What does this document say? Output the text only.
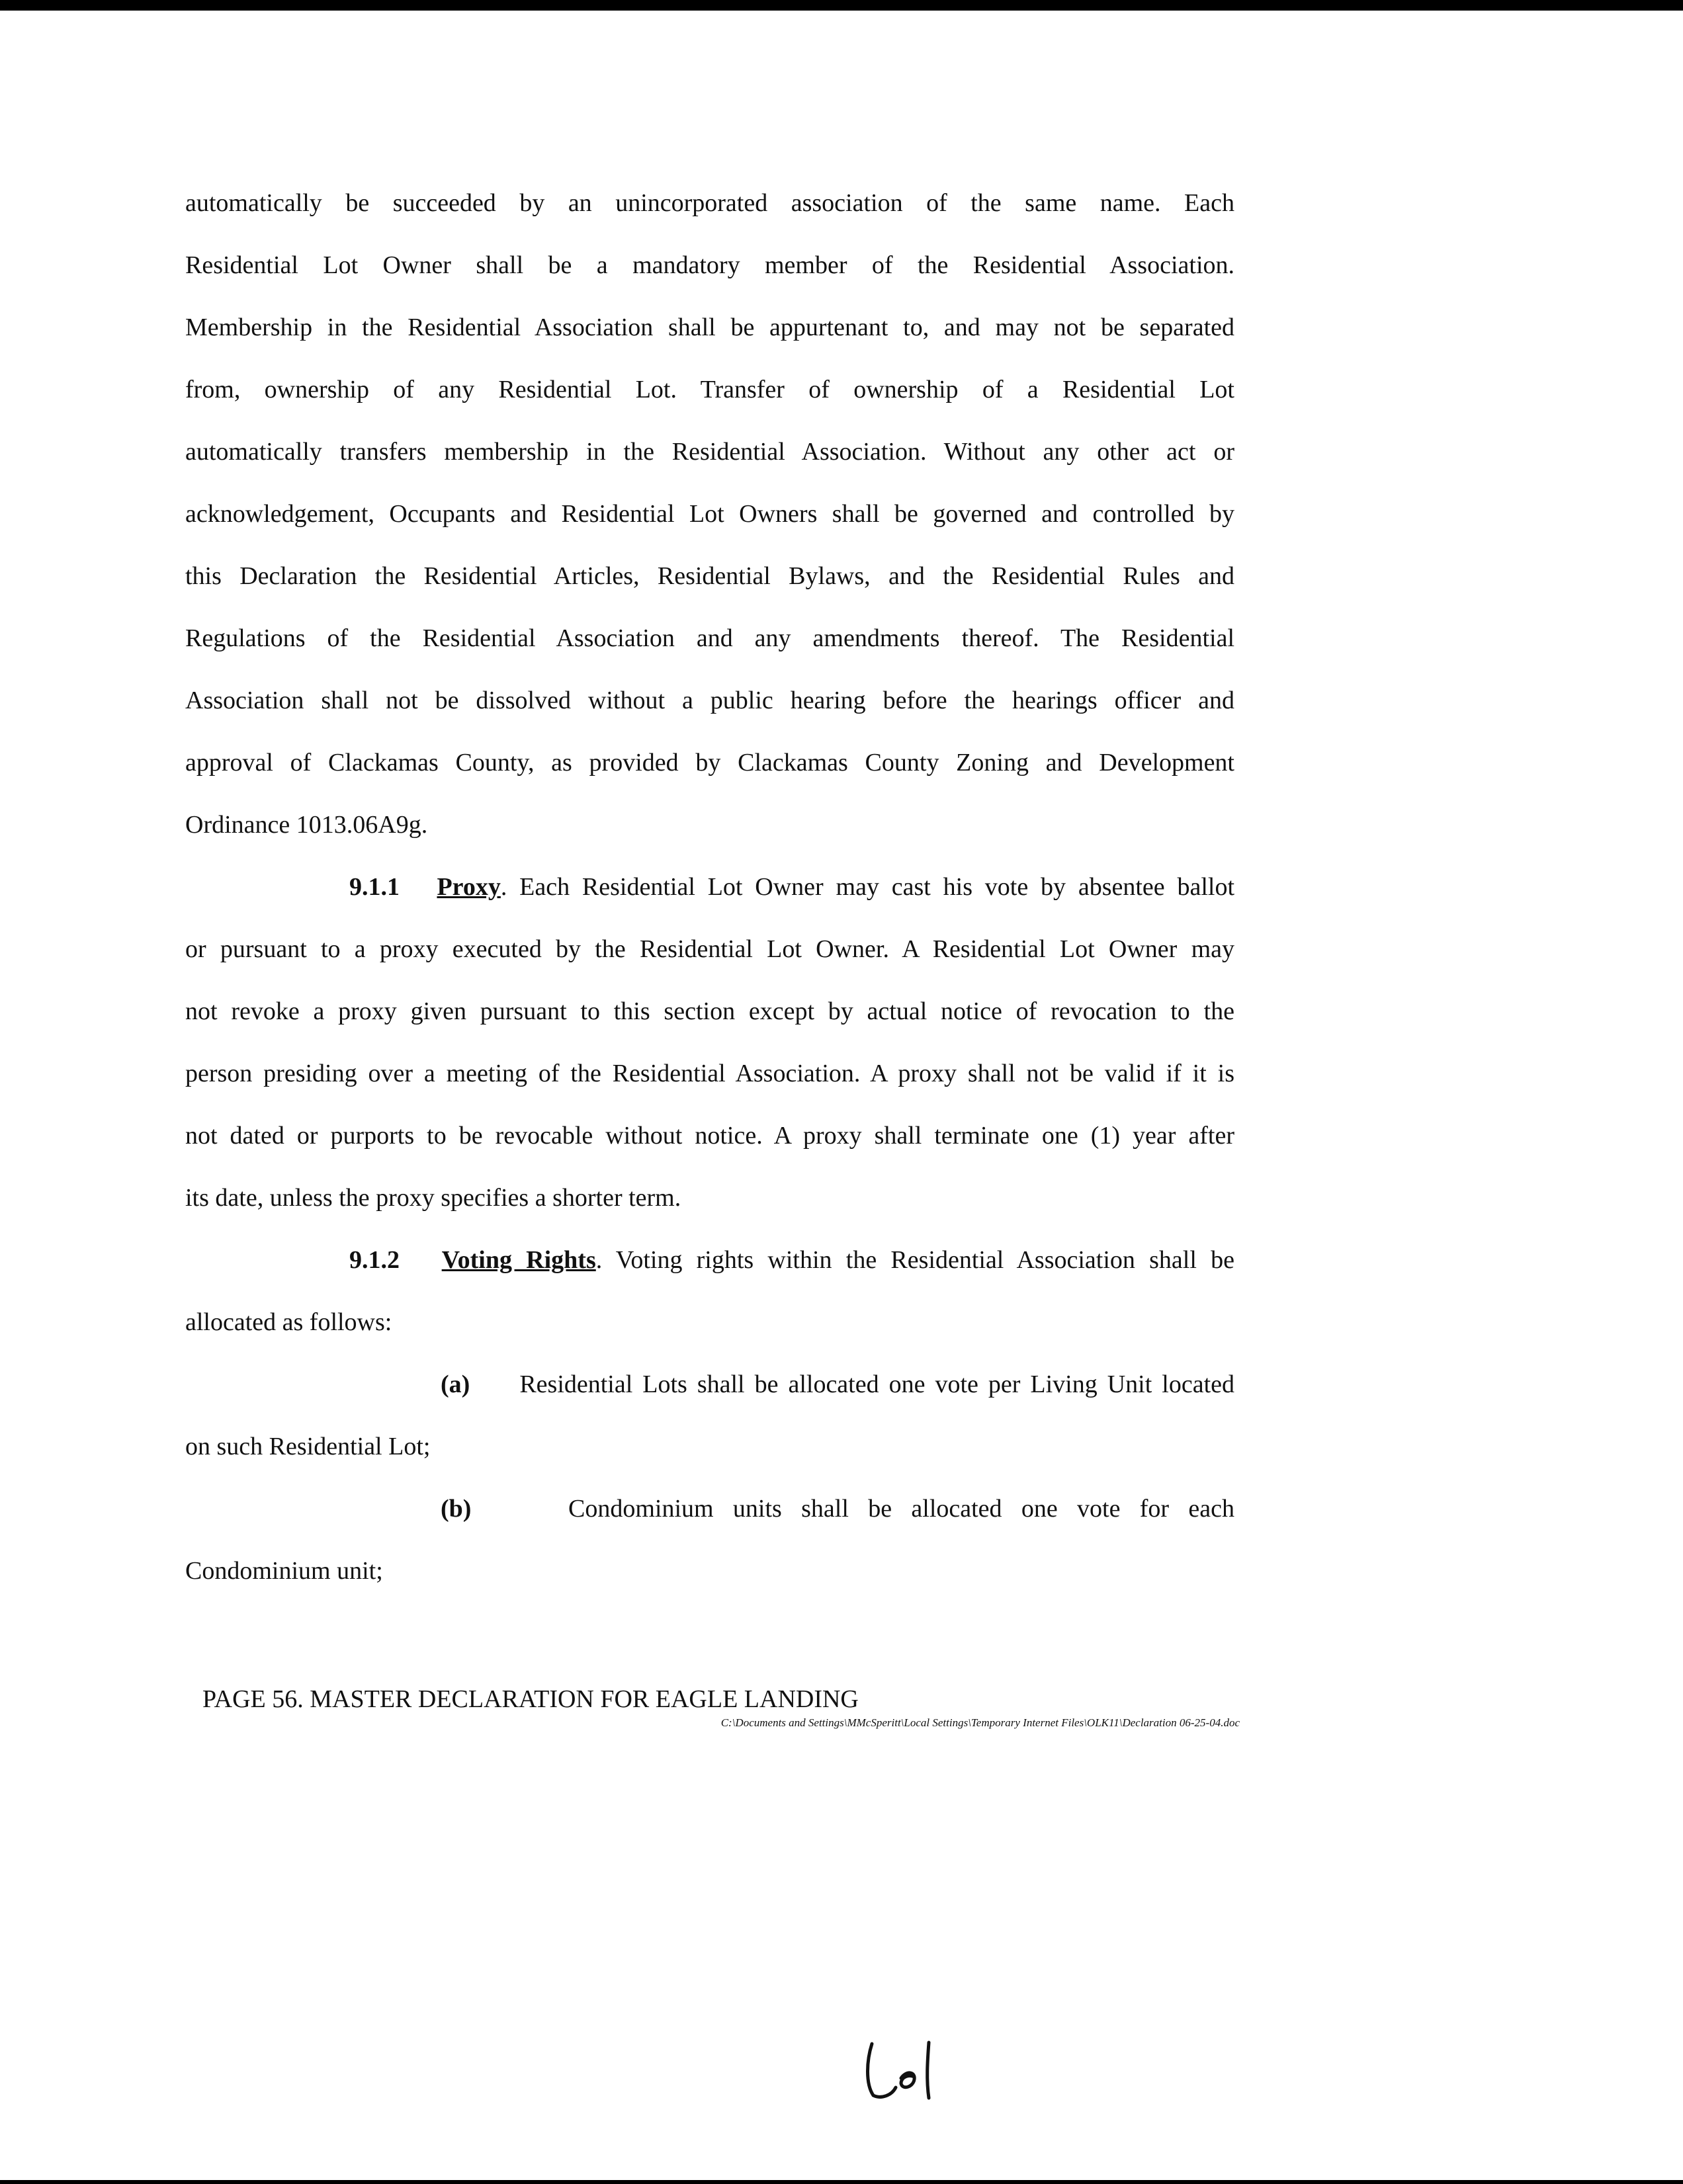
automatically be succeeded by an unincorporated association of the same name. Each
Residential Lot Owner shall be a mandatory member of the Residential Association.
Membership in the Residential Association shall be appurtenant to, and may not be separated
from, ownership of any Residential Lot. Transfer of ownership of a Residential Lot
automatically transfers membership in the Residential Association. Without any other act or
acknowledgement, Occupants and Residential Lot Owners shall be governed and controlled by
this Declaration the Residential Articles, Residential Bylaws, and the Residential Rules and
Regulations of the Residential Association and any amendments thereof. The Residential
Association shall not be dissolved without a public hearing before the hearings officer and
approval of Clackamas County, as provided by Clackamas County Zoning and Development
Ordinance 1013.06A9g.
9.1.1 Proxy. Each Residential Lot Owner may cast his vote by absentee ballot
or pursuant to a proxy executed by the Residential Lot Owner. A Residential Lot Owner may
not revoke a proxy given pursuant to this section except by actual notice of revocation to the
person presiding over a meeting of the Residential Association. A proxy shall not be valid if it is
not dated or purports to be revocable without notice. A proxy shall terminate one (1) year after
its date, unless the proxy specifies a shorter term.
9.1.2 Voting Rights. Voting rights within the Residential Association shall be
allocated as follows:
(a) Residential Lots shall be allocated one vote per Living Unit located
on such Residential Lot;
(b)	Condominium units shall be allocated one vote for each
Condominium unit;
PAGE 56. MASTER DECLARATION FOR EAGLE LANDING
C:\Documents and Settings\MMcSperitt\Local Settings\Temporary Internet Files\OLK11\Declaration 06-25-04.doc
